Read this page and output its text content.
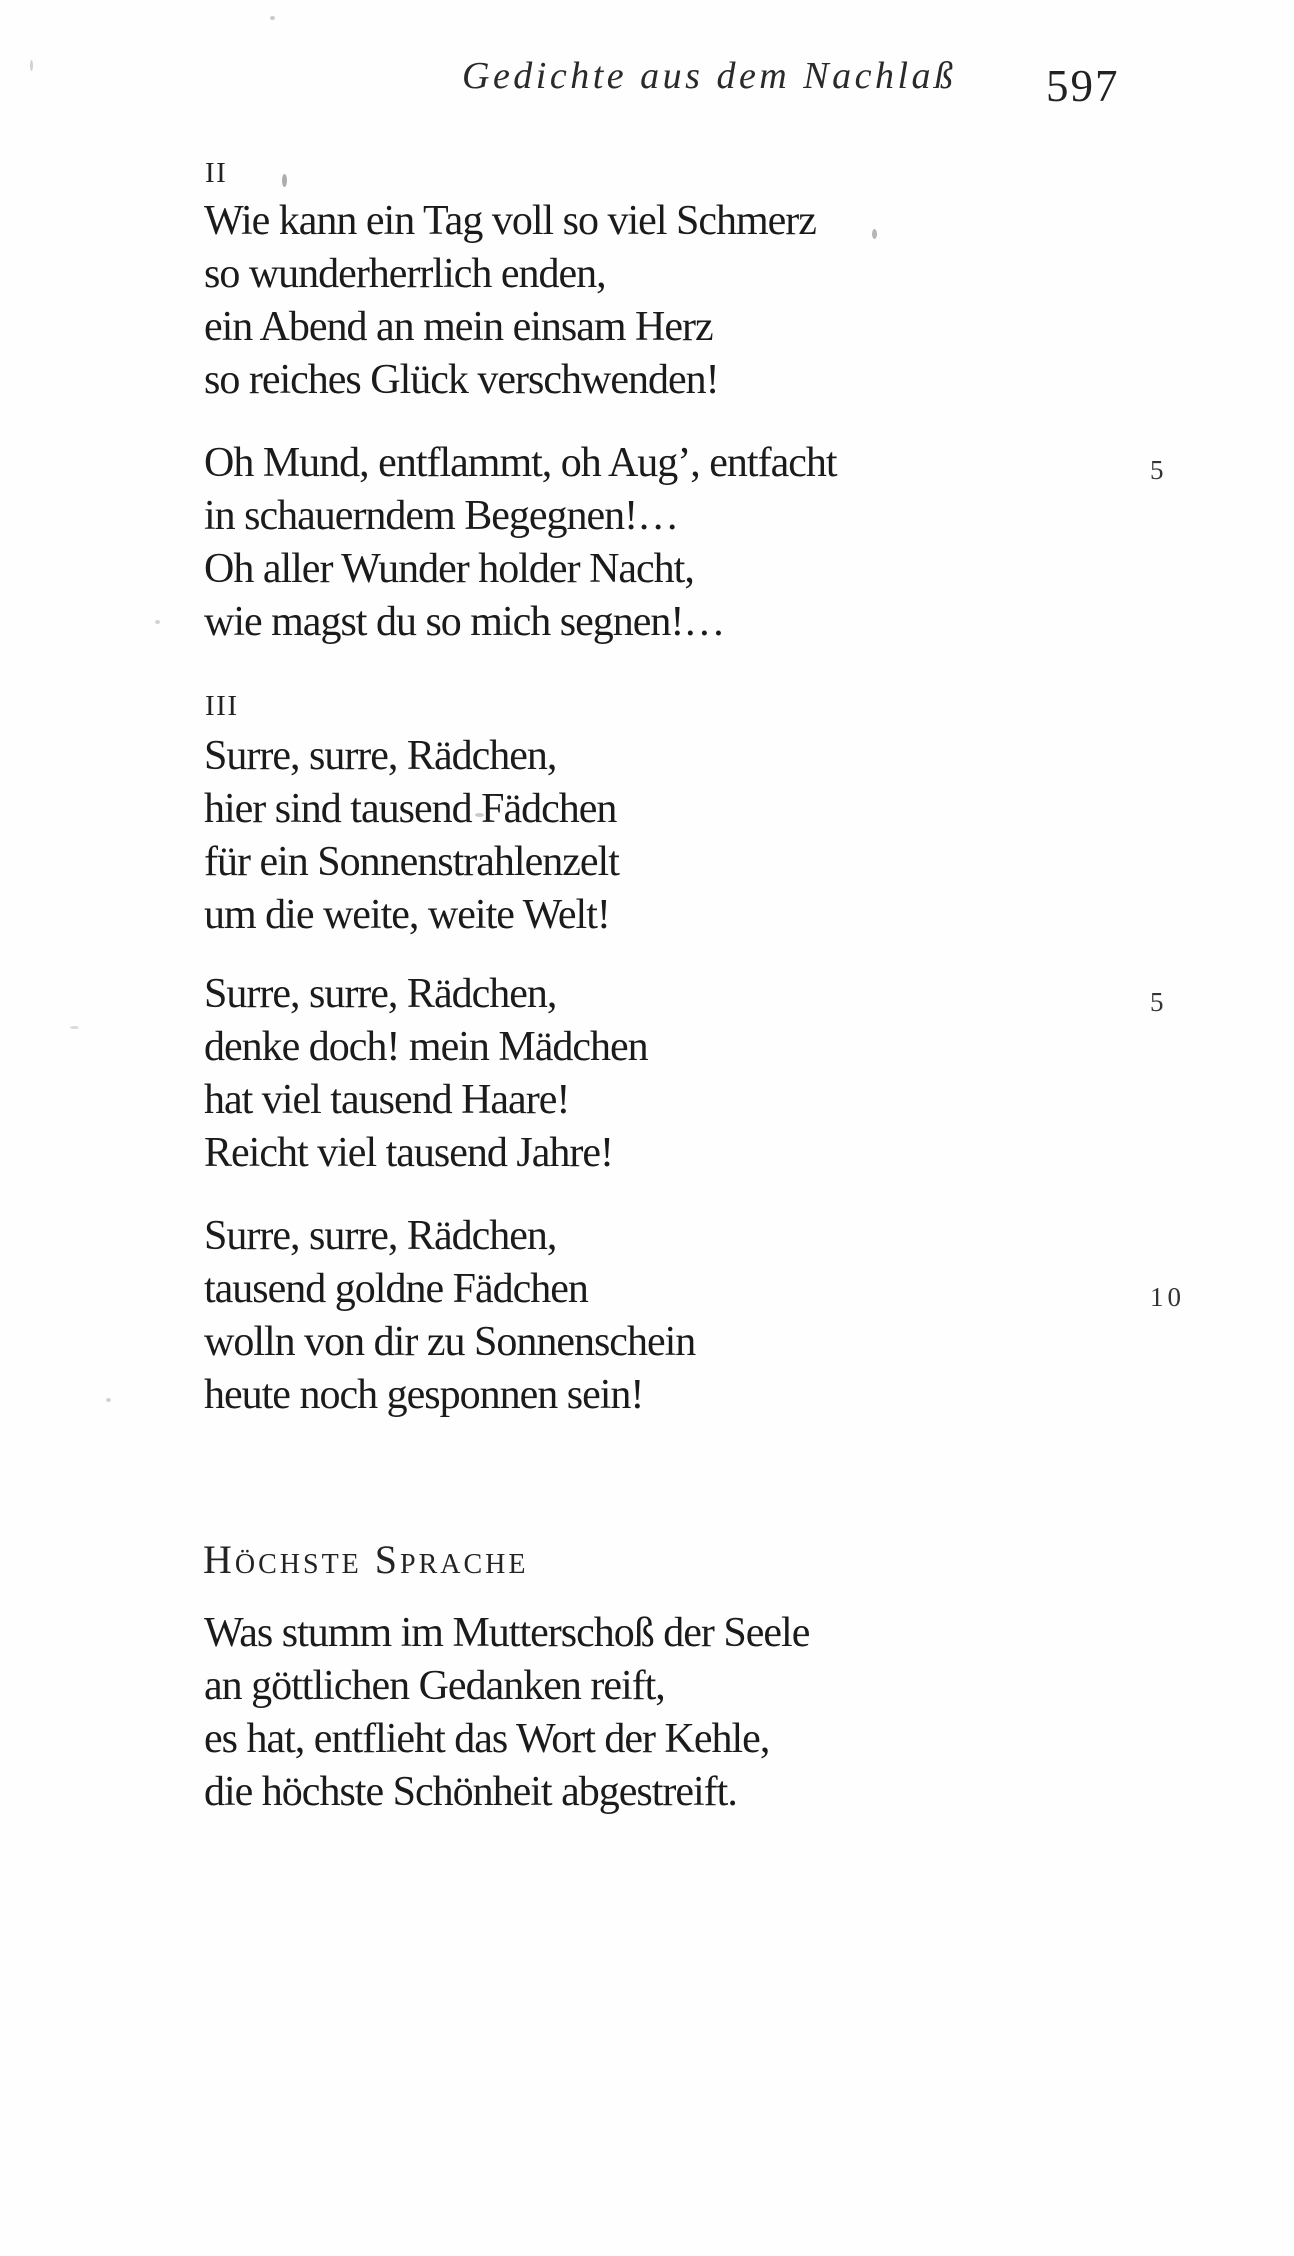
Gedichte aus dem Nachlaß 597
II
Wie kann ein Tag voll so viel Schmerz
so wunderherrlich enden,
ein Abend an mein einsam Herz
so reiches Glück verschwenden!
Oh Mund, entflammt, oh Aug’, entfacht
in schauerndem Begegnen!…
Oh aller Wunder holder Nacht,
wie magst du so mich segnen!…
5
III
Surre, surre, Rädchen,
hier sind tausend Fädchen
für ein Sonnenstrahlenzelt
um die weite, weite Welt!
Surre, surre, Rädchen,
denke doch! mein Mädchen
hat viel tausend Haare!
Reicht viel tausend Jahre!
5
Surre, surre, Rädchen,
tausend goldne Fädchen
wolln von dir zu Sonnenschein
heute noch gesponnen sein!
10
Höchste Sprache
Was stumm im Mutterschoß der Seele
an göttlichen Gedanken reift,
es hat, entflieht das Wort der Kehle,
die höchste Schönheit abgestreift.
